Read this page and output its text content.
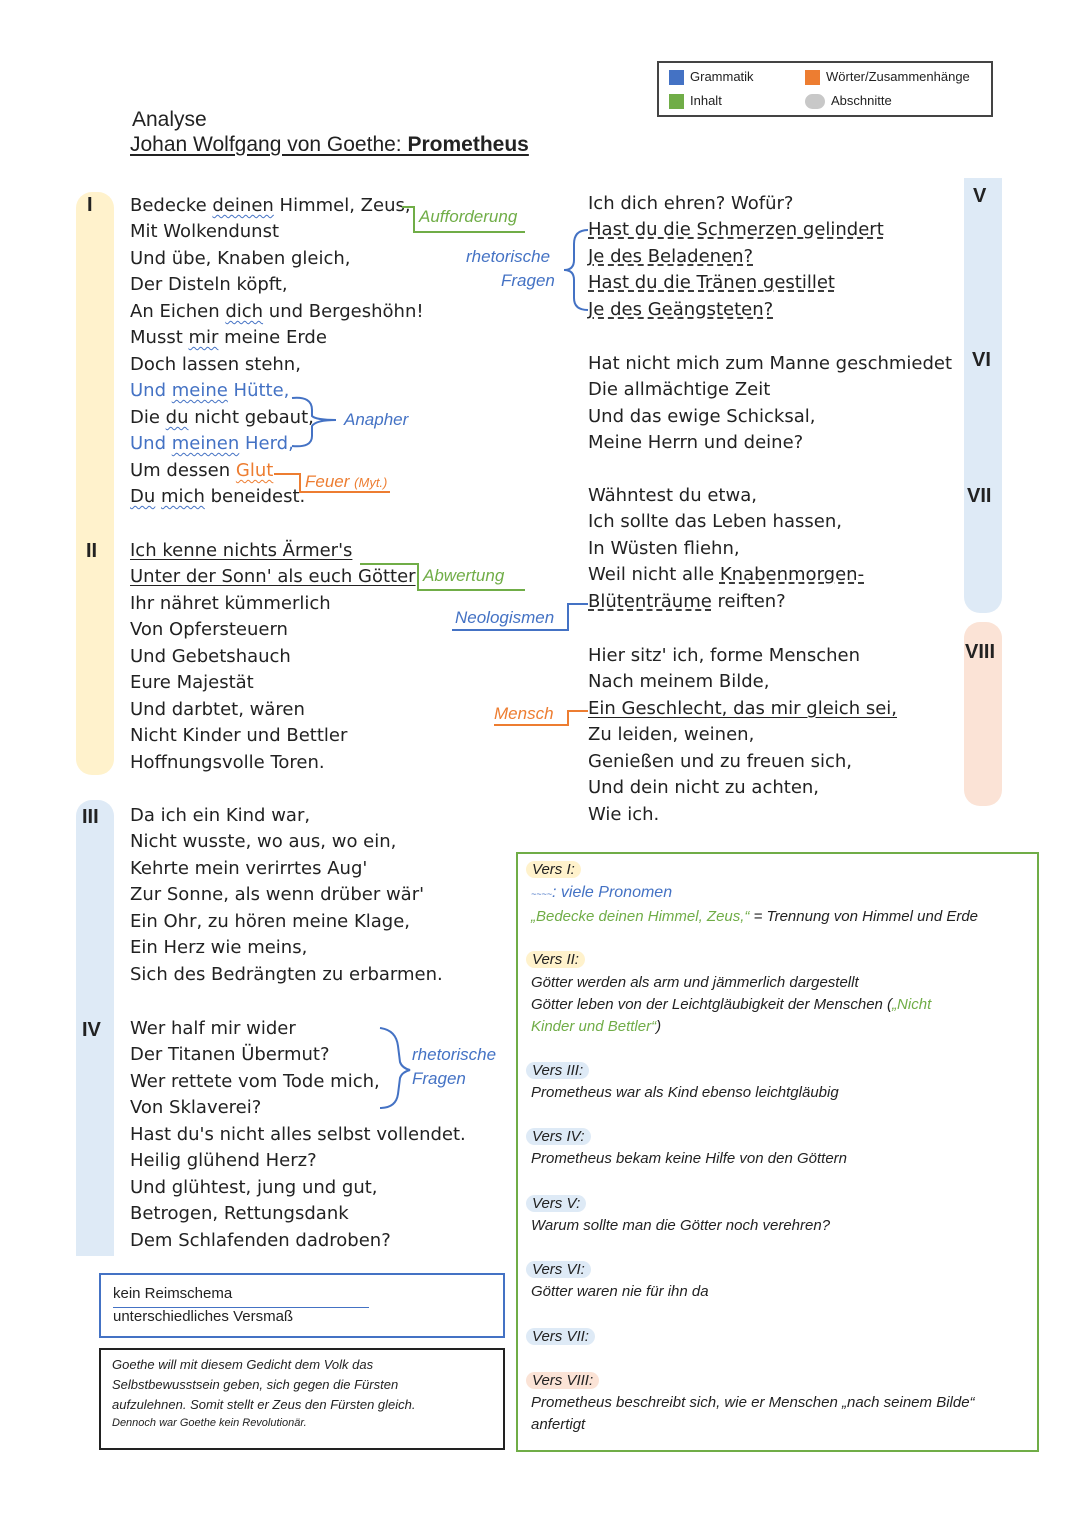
Grammatik	Wörter/Zusammenhänge
Inhalt	Abschnitte
Analyse
Johan Wolfgang von Goethe: Prometheus
I
II
III
IV
V
VI
VII
VIII
Bedecke deinen Himmel, Zeus,
Mit Wolkendunst
Und übe, Knaben gleich,
Der Disteln köpft,
An Eichen dich und Bergeshöhn!
Musst mir meine Erde
Doch lassen stehn,
Und meine Hütte,
Die du nicht gebaut,
Und meinen Herd,
Um dessen Glut
Du mich beneidest.
Ich kenne nichts Ärmer's
Unter der Sonn' als euch Götter
Ihr nähret kümmerlich
Von Opfersteuern
Und Gebetshauch
Eure Majestät
Und darbtet, wären
Nicht Kinder und Bettler
Hoffnungsvolle Toren.
Da ich ein Kind war,
Nicht wusste, wo aus, wo ein,
Kehrte mein verirrtes Aug'
Zur Sonne, als wenn drüber wär'
Ein Ohr, zu hören meine Klage,
Ein Herz wie meins,
Sich des Bedrängten zu erbarmen.
Wer half mir wider
Der Titanen Übermut?
Wer rettete vom Tode mich,
Von Sklaverei?
Hast du's nicht alles selbst vollendet.
Heilig glühend Herz?
Und glühtest, jung und gut,
Betrogen, Rettungsdank
Dem Schlafenden dadroben?
Ich dich ehren? Wofür?
Hast du die Schmerzen gelindert
Je des Beladenen?
Hast du die Tränen gestillet
Je des Geängsteten?
Hat nicht mich zum Manne geschmiedet
Die allmächtige Zeit
Und das ewige Schicksal,
Meine Herrn und deine?
Wähntest du etwa,
Ich sollte das Leben hassen,
In Wüsten fliehn,
Weil nicht alle Knabenmorgen-
Blütenträume reiften?
Hier sitz' ich, forme Menschen
Nach meinem Bilde,
Ein Geschlecht, das mir gleich sei,
Zu leiden, weinen,
Genießen und zu freuen sich,
Und dein nicht zu achten,
Wie ich.
Aufforderung
rhetorische
Fragen
Anapher
Feuer (Myt.)
Abwertung
Neologismen
Mensch
rhetorische
Fragen
kein Reimschema
unterschiedliches Versmaß
Goethe will mit diesem Gedicht dem Volk das
Selbstbewusstsein geben, sich gegen die Fürsten
aufzulehnen. Somit stellt er Zeus den Fürsten gleich.
Dennoch war Goethe kein Revolutionär.
Vers I:
~~~~: viele Pronomen
„Bedecke deinen Himmel, Zeus,“ = Trennung von Himmel und Erde
Vers II:
Götter werden als arm und jämmerlich dargestellt
Götter leben von der Leichtgläubigkeit der Menschen („Nicht
Kinder und Bettler“)
Vers III:
Prometheus war als Kind ebenso leichtgläubig
Vers IV:
Prometheus bekam keine Hilfe von den Göttern
Vers V:
Warum sollte man die Götter noch verehren?
Vers VI:
Götter waren nie für ihn da
Vers VII:
Vers VIII:
Prometheus beschreibt sich, wie er Menschen „nach seinem Bilde“
anfertigt
